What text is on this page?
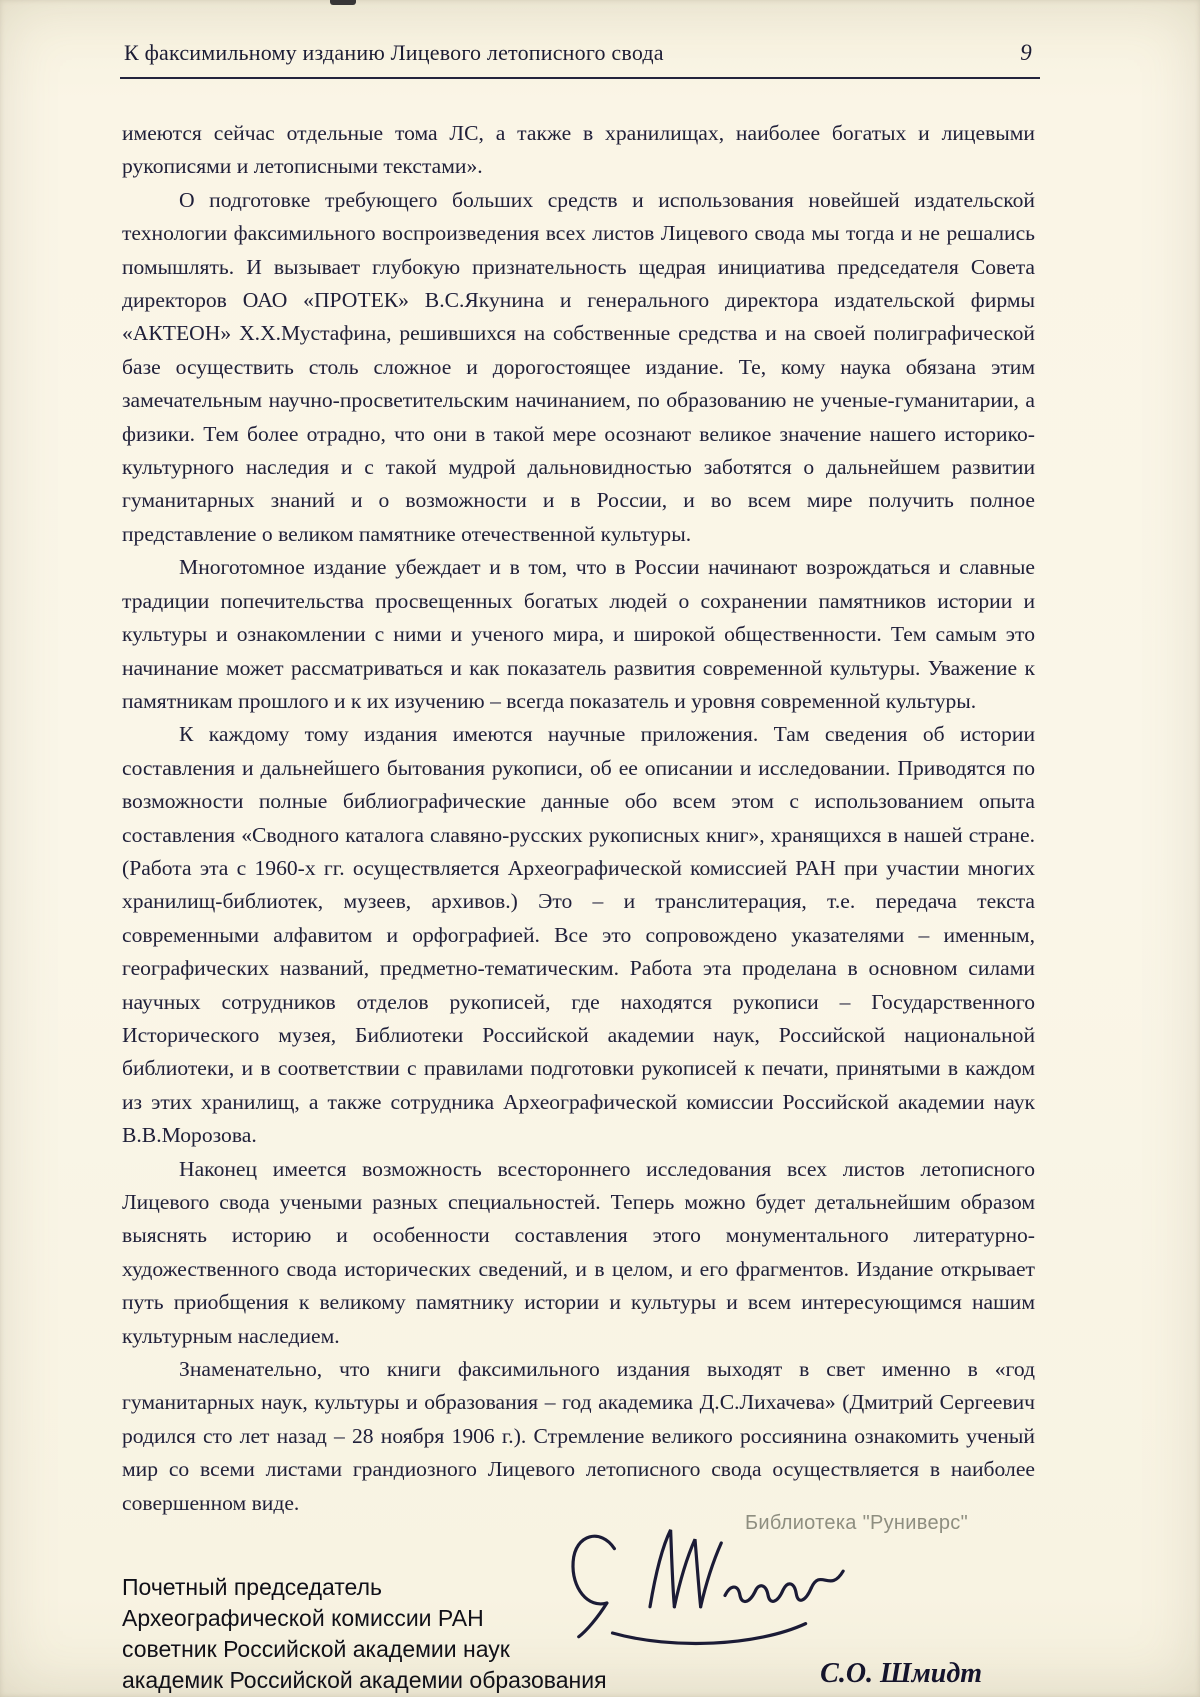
К факсимильному изданию Лицевого летописного свода	9

имеются сейчас отдельные тома ЛС, а также в хранилищах, наиболее богатых и лицевыми рукописями и летописными текстами».

О подготовке требующего больших средств и использования новейшей издательской технологии факсимильного воспроизведения всех листов Лицевого свода мы тогда и не решались помышлять. И вызывает глубокую признательность щедрая инициатива председателя Совета директоров ОАО «ПРОТЕК» В.С.Якунина и генерального директора издательской фирмы «АКТЕОН» Х.Х.Мустафина, решившихся на собственные средства и на своей полиграфической базе осуществить столь сложное и дорогостоящее издание. Те, кому наука обязана этим замечательным научно-просветительским начинанием, по образованию не ученые-гуманитарии, а физики. Тем более отрадно, что они в такой мере осознают великое значение нашего историко-культурного наследия и с такой мудрой дальновидностью заботятся о дальнейшем развитии гуманитарных знаний и о возможности и в России, и во всем мире получить полное представление о великом памятнике отечественной культуры.

Многотомное издание убеждает и в том, что в России начинают возрождаться и славные традиции попечительства просвещенных богатых людей о сохранении памятников истории и культуры и ознакомлении с ними и ученого мира, и широкой общественности. Тем самым это начинание может рассматриваться и как показатель развития современной культуры. Уважение к памятникам прошлого и к их изучению – всегда показатель и уровня современной культуры.

К каждому тому издания имеются научные приложения. Там сведения об истории составления и дальнейшего бытования рукописи, об ее описании и исследовании. Приводятся по возможности полные библиографические данные обо всем этом с использованием опыта составления «Сводного каталога славяно-русских рукописных книг», хранящихся в нашей стране. (Работа эта с 1960-х гг. осуществляется Археографической комиссией РАН при участии многих хранилищ-библиотек, музеев, архивов.) Это – и транслитерация, т.е. передача текста современными алфавитом и орфографией. Все это сопровождено указателями – именным, географических названий, предметно-тематическим. Работа эта проделана в основном силами научных сотрудников отделов рукописей, где находятся рукописи – Государственного Исторического музея, Библиотеки Российской академии наук, Российской национальной библиотеки, и в соответствии с правилами подготовки рукописей к печати, принятыми в каждом из этих хранилищ, а также сотрудника Археографической комиссии Российской академии наук В.В.Морозова.

Наконец имеется возможность всестороннего исследования всех листов летописного Лицевого свода учеными разных специальностей. Теперь можно будет детальнейшим образом выяснять историю и особенности составления этого монументального литературно-художественного свода исторических сведений, и в целом, и его фрагментов. Издание открывает путь приобщения к великому памятнику истории и культуры и всем интересующимся нашим культурным наследием.

Знаменательно, что книги факсимильного издания выходят в свет именно в «год гуманитарных наук, культуры и образования – год академика Д.С.Лихачева» (Дмитрий Сергеевич родился сто лет назад – 28 ноября 1906 г.). Стремление великого россиянина ознакомить ученый мир со всеми листами грандиозного Лицевого летописного свода осуществляется в наиболее совершенном виде.

Почетный председатель
Археографической комиссии РАН
советник Российской академии наук
академик Российской академии образования	С.О. Шмидт
Библиотека "Руниверс"
